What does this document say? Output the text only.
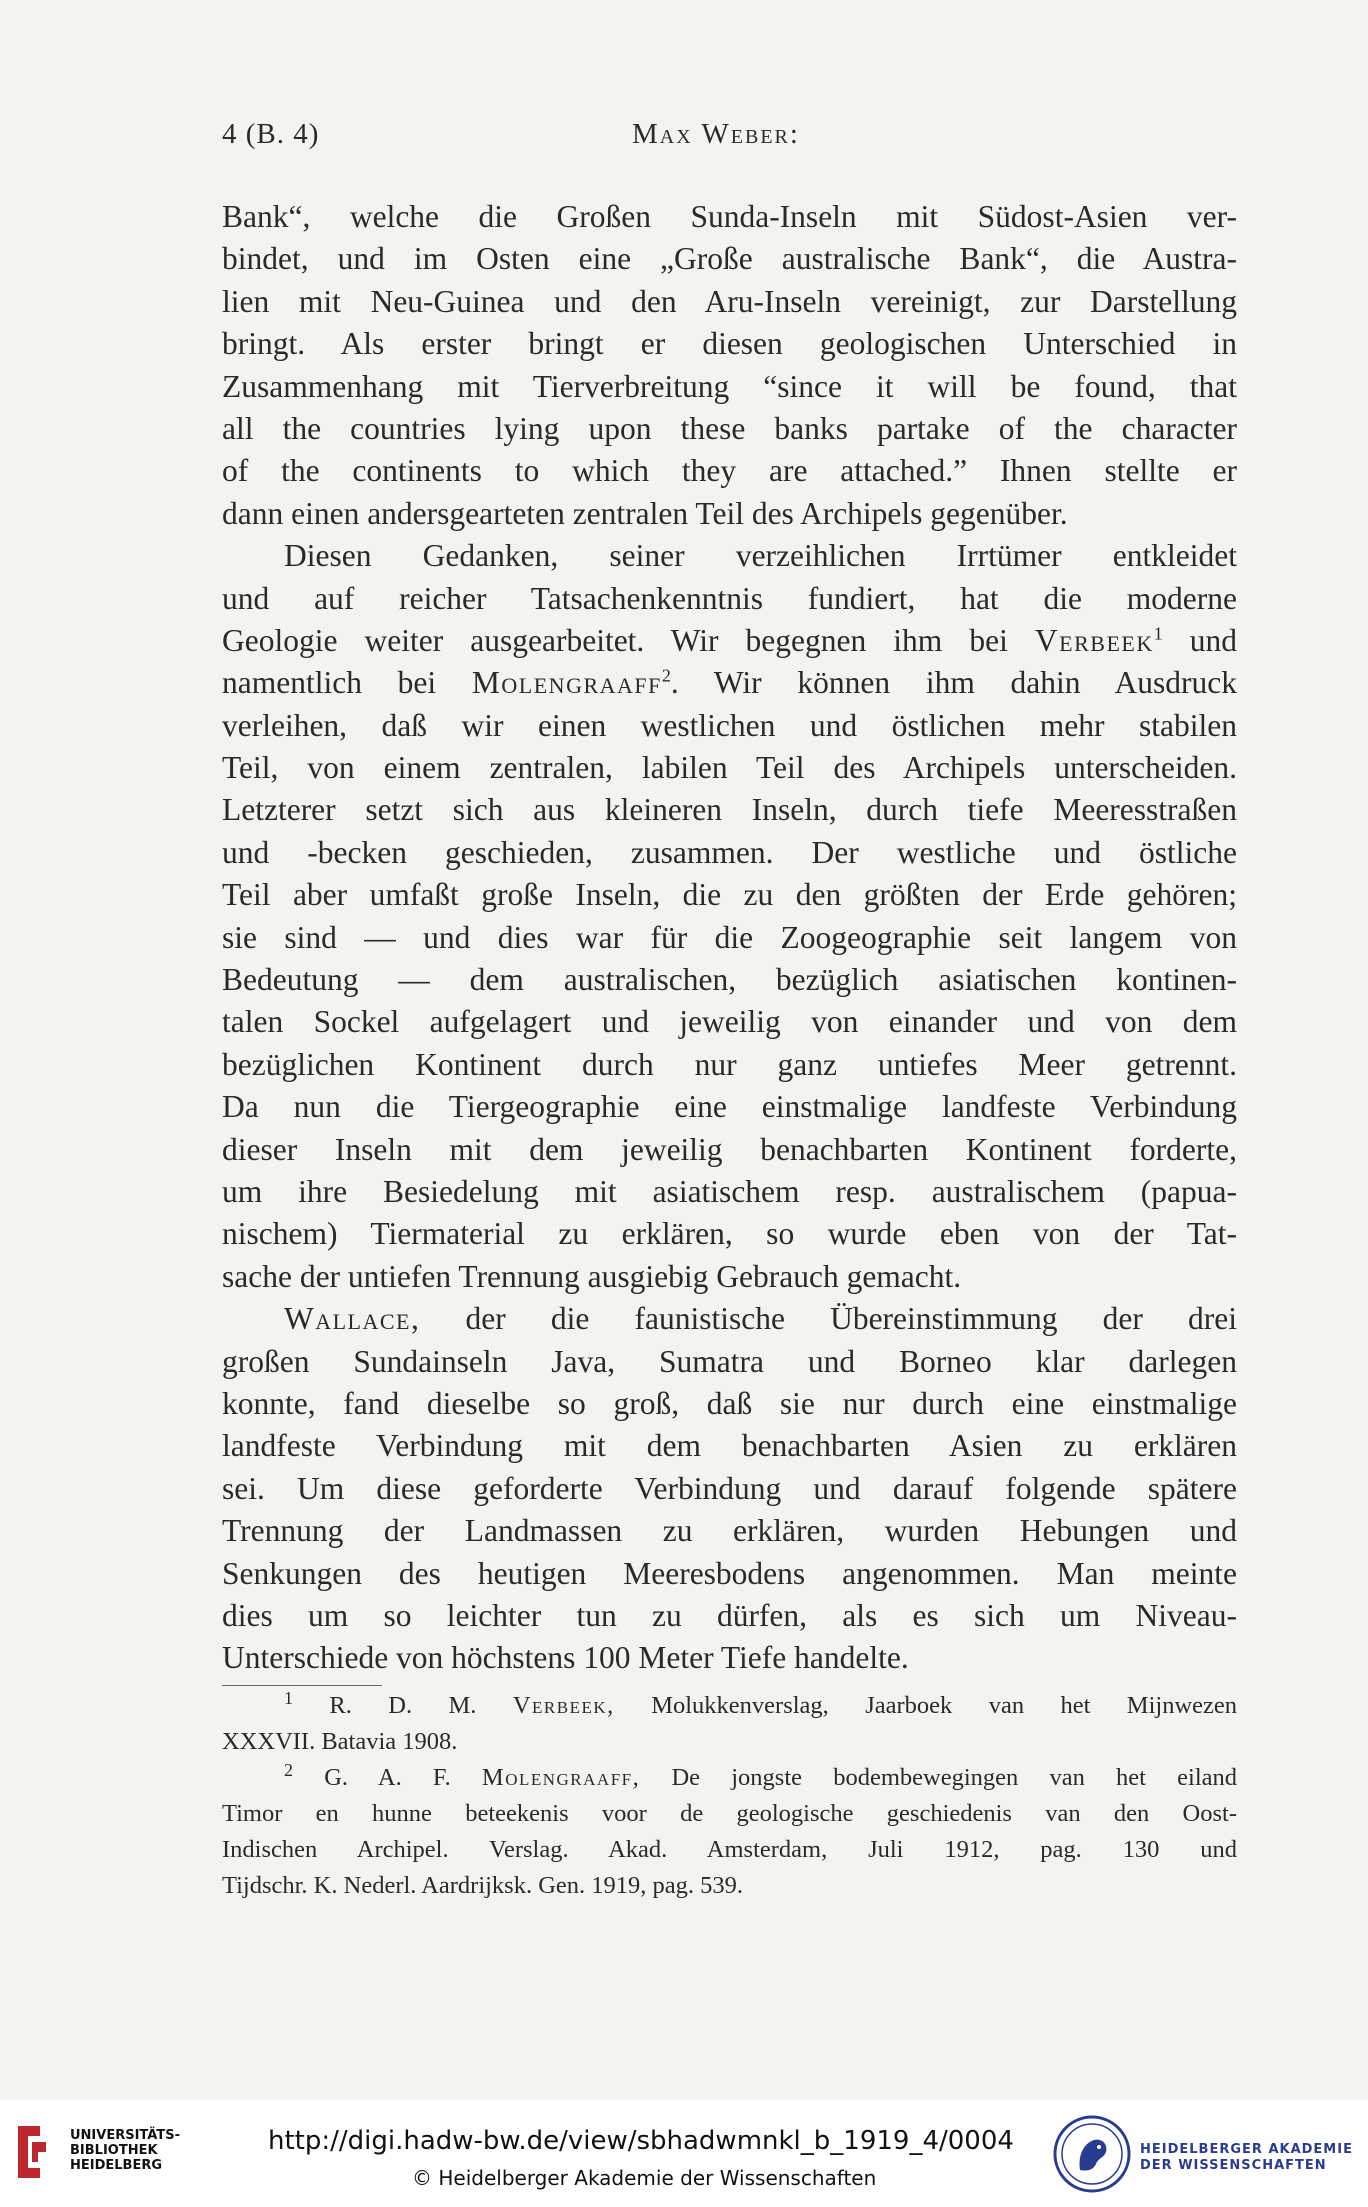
4 (B. 4)	Max Weber:
Bank“, welche die Großen Sunda-Inseln mit Südost-Asien ver-
bindet, und im Osten eine „Große australische Bank“, die Austra-
lien mit Neu-Guinea und den Aru-Inseln vereinigt, zur Darstellung
bringt. Als erster bringt er diesen geologischen Unterschied in
Zusammenhang mit Tierverbreitung “since it will be found, that
all the countries lying upon these banks partake of the character
of the continents to which they are attached.” Ihnen stellte er
dann einen andersgearteten zentralen Teil des Archipels gegenüber.
Diesen Gedanken, seiner verzeihlichen Irrtümer entkleidet
und auf reicher Tatsachenkenntnis fundiert, hat die moderne
Geologie weiter ausgearbeitet. Wir begegnen ihm bei Verbeek$^1$ und
namentlich bei Molengraaff$^2$. Wir können ihm dahin Ausdruck
verleihen, daß wir einen westlichen und östlichen mehr stabilen
Teil, von einem zentralen, labilen Teil des Archipels unterscheiden.
Letzterer setzt sich aus kleineren Inseln, durch tiefe Meeresstraßen
und -becken geschieden, zusammen. Der westliche und östliche
Teil aber umfaßt große Inseln, die zu den größten der Erde gehören;
sie sind — und dies war für die Zoogeographie seit langem von
Bedeutung — dem australischen, bezüglich asiatischen kontinen-
talen Sockel aufgelagert und jeweilig von einander und von dem
bezüglichen Kontinent durch nur ganz untiefes Meer getrennt.
Da nun die Tiergeographie eine einstmalige landfeste Verbindung
dieser Inseln mit dem jeweilig benachbarten Kontinent forderte,
um ihre Besiedelung mit asiatischem resp. australischem (papua-
nischem) Tiermaterial zu erklären, so wurde eben von der Tat-
sache der untiefen Trennung ausgiebig Gebrauch gemacht.
Wallace, der die faunistische Übereinstimmung der drei
großen Sundainseln Java, Sumatra und Borneo klar darlegen
konnte, fand dieselbe so groß, daß sie nur durch eine einstmalige
landfeste Verbindung mit dem benachbarten Asien zu erklären
sei. Um diese geforderte Verbindung und darauf folgende spätere
Trennung der Landmassen zu erklären, wurden Hebungen und
Senkungen des heutigen Meeresbodens angenommen. Man meinte
dies um so leichter tun zu dürfen, als es sich um Niveau-
Unterschiede von höchstens 100 Meter Tiefe handelte.
$^1$ R. D. M. Verbeek, Molukkenverslag, Jaarboek van het Mijnwezen
XXXVII. Batavia 1908.
$^2$ G. A. F. Molengraaff, De jongste bodembewegingen van het eiland
Timor en hunne beteekenis voor de geologische geschiedenis van den Oost-
Indischen Archipel. Verslag. Akad. Amsterdam, Juli 1912, pag. 130 und
Tijdschr. K. Nederl. Aardrijksk. Gen. 1919, pag. 539.
UNIVERSITÄTS-
BIBLIOTHEK
HEIDELBERG
http://digi.hadw-bw.de/view/sbhadwmnkl_b_1919_4/0004
© Heidelberger Akademie der Wissenschaften
HEIDELBERGER AKADEMIE
DER WISSENSCHAFTEN
